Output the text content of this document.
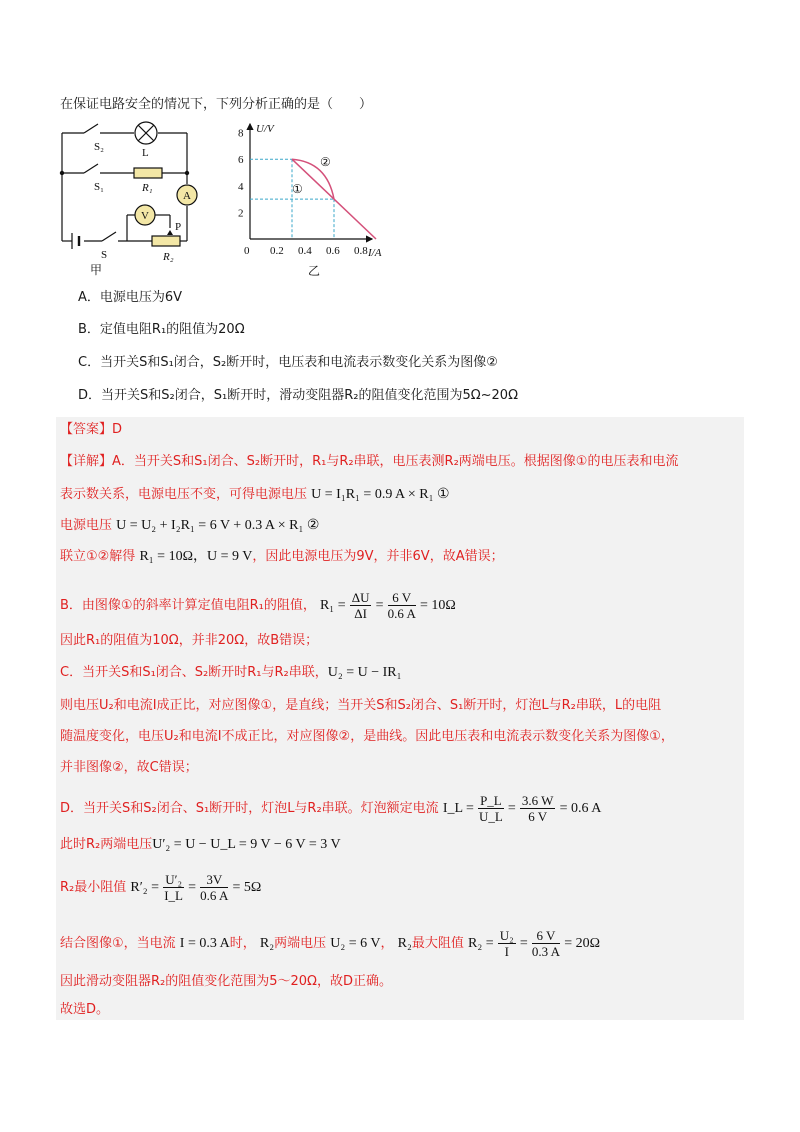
在保证电路安全的情况下，下列分析正确的是（　　）
S₂	L
S₁	R₁
A
V
P
S	R₂
甲
8
6
4
2
0 0.2 0.4 0.6 0.8
U/V
I/A
①
②
乙
A．电源电压为6V
B．定值电阻R₁的阻值为20Ω
C．当开关S和S₁闭合，S₂断开时，电压表和电流表示数变化关系为图像②
D．当开关S和S₂闭合，S₁断开时，滑动变阻器R₂的阻值变化范围为5Ω~20Ω
【答案】D
【详解】A．当开关S和S₁闭合、S₂断开时，R₁与R₂串联，电压表测R₂两端电压。根据图像①的电压表和电流
表示数关系，电源电压不变，可得电源电压 U = I₁R₁ = 0.9 A × R₁ ①
电源电压 U = U₂ + I₂R₁ = 6 V + 0.3 A × R₁ ②
联立①②解得 R₁ = 10Ω，U = 9 V，因此电源电压为9V，并非6V，故A错误；
B．由图像①的斜率计算定值电阻R₁的阻值， $R_1 = \frac{\Delta U}{\Delta I} = \frac{6 V}{0.6 A} = 10\Omega$
因此R₁的阻值为10Ω，并非20Ω，故B错误；
C．当开关S和S₁闭合、S₂断开时R₁与R₂串联，U₂ = U − IR₁
则电压U₂和电流I成正比，对应图像①，是直线；当开关S和S₂闭合、S₁断开时，灯泡L与R₂串联，L的电阻
随温度变化，电压U₂和电流I不成正比，对应图像②，是曲线。因此电压表和电流表示数变化关系为图像①，
并非图像②，故C错误；
D．当开关S和S₂闭合、S₁断开时，灯泡L与R₂串联。灯泡额定电流 I_L = $\frac{P\_L}{U\_L} = \frac{3.6 W}{6 V} = 0.6$ A
此时R₂两端电压U′₂ = U − U_L = 9 V − 6 V = 3 V
R₂最小阻值 $R'_2 = \frac{\text{U′₂}}{I\_L} = \frac{3V}{0.6 A} = 5\Omega$
结合图像①，当电流 I = 0.3 A时， R₂两端电压 U₂ = 6 V， R₂最大阻值 $R_2 = \frac{\text{U₂}}{I} = \frac{6 V}{0.3 A} = 20\Omega$
因此滑动变阻器R₂的阻值变化范围为5～20Ω，故D正确。
故选D。
